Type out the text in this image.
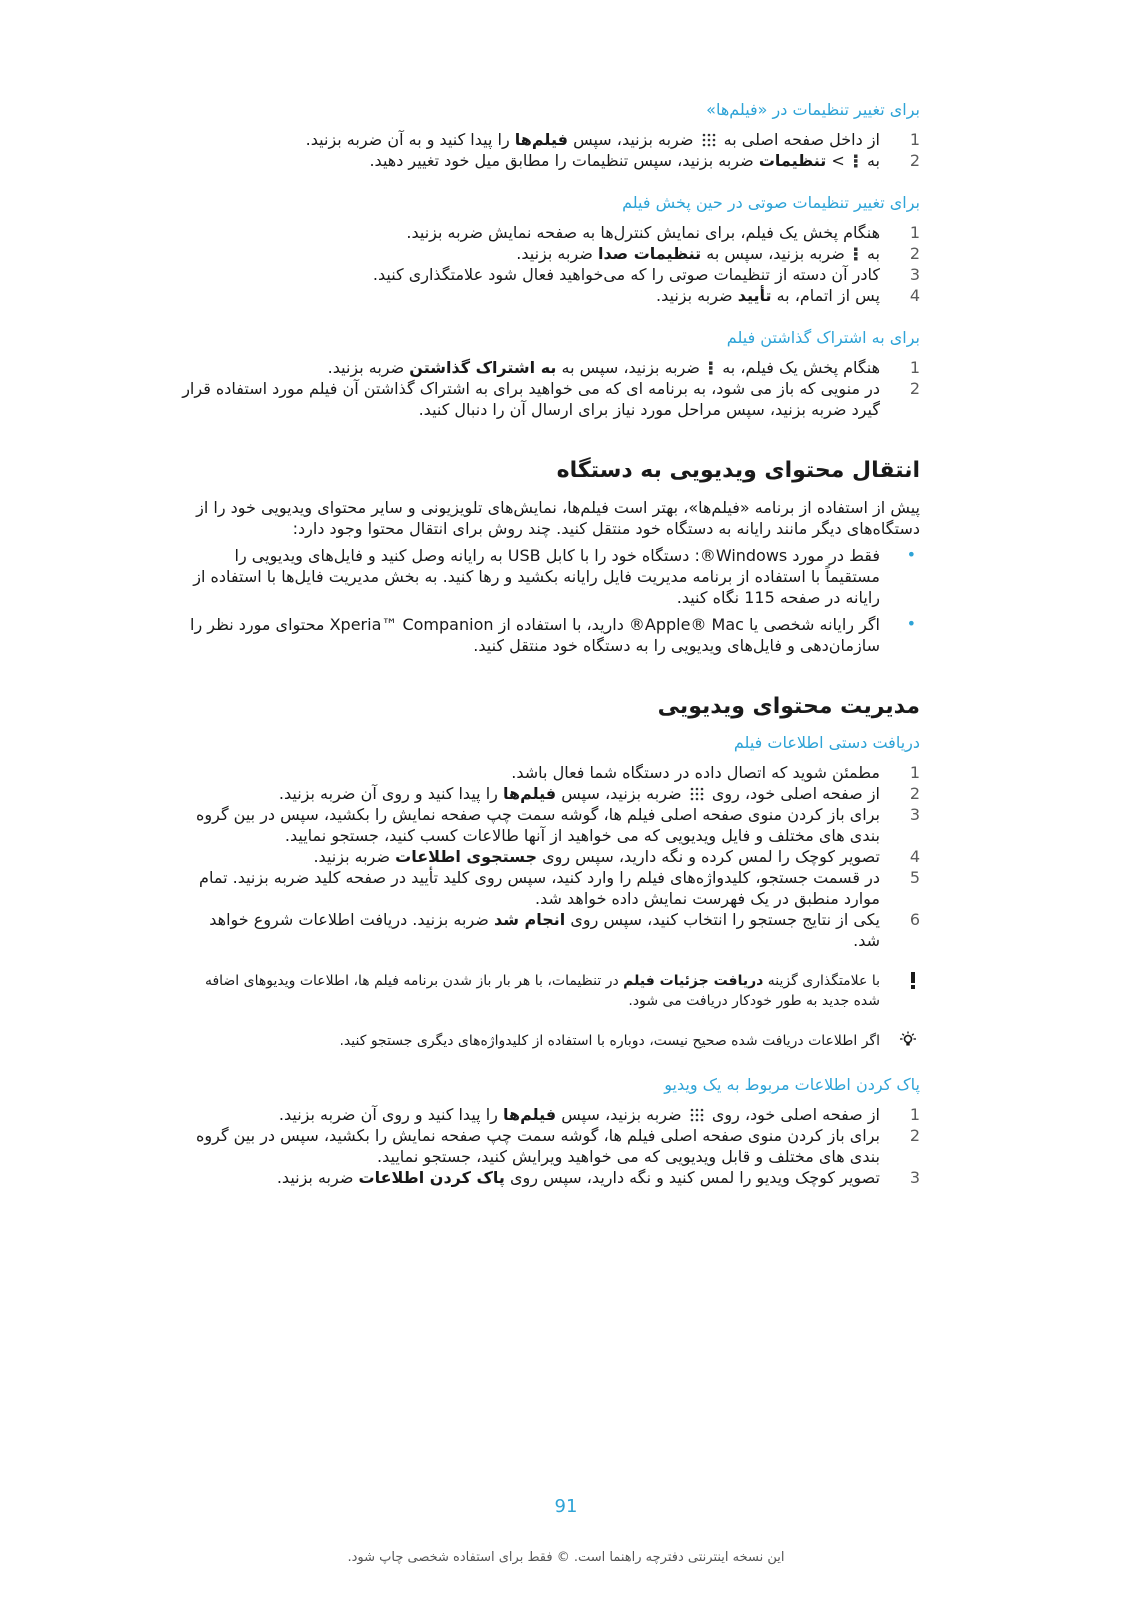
برای تغییر تنظیمات در «فیلم‌ها»
1
از داخل صفحه اصلی به  ضربه بزنید، سپس فیلم‌ها را پیدا کنید و به آن ضربه بزنید.
2
به  > تنظیمات ضربه بزنید، سپس تنظیمات را مطابق میل خود تغییر دهید.
برای تغییر تنظیمات صوتی در حین پخش فیلم
1
هنگام پخش یک فیلم، برای نمایش کنترل‌ها به صفحه نمایش ضربه بزنید.
2
به  ضربه بزنید، سپس به تنظیمات صدا ضربه بزنید.
3
کادر آن دسته از تنظیمات صوتی را که می‌خواهید فعال شود علامتگذاری کنید.
4
پس از اتمام، به تأیید ضربه بزنید.
برای به اشتراک گذاشتن فیلم
1
هنگام پخش یک فیلم، به  ضربه بزنید، سپس به به اشتراک گذاشتن ضربه بزنید.
2
در منویی که باز می شود، به برنامه ای که می خواهید برای به اشتراک گذاشتن آن فیلم مورد استفاده قرار گیرد ضربه بزنید، سپس مراحل مورد نیاز برای ارسال آن را دنبال کنید.
انتقال محتوای ویدیویی به دستگاه
پیش از استفاده از برنامه «فیلم‌ها»، بهتر است فیلم‌ها، نمایش‌های تلویزیونی و سایر محتوای ویدیویی خود را از دستگاه‌های دیگر مانند رایانه به دستگاه خود منتقل کنید. چند روش برای انتقال محتوا وجود دارد:
•
فقط در مورد Windows®: دستگاه خود را با کابل USB به رایانه وصل کنید و فایل‌های ویدیویی را مستقیماً با استفاده از برنامه مدیریت فایل رایانه بکشید و رها کنید. به بخش مدیریت فایل‌ها با استفاده از رایانه در صفحه 115 نگاه کنید.
•
اگر رایانه شخصی یا Apple® Mac® دارید، با استفاده از Xperia™ Companion محتوای مورد نظر را سازمان‌دهی و فایل‌های ویدیویی را به دستگاه خود منتقل کنید.
مدیریت محتوای ویدیویی
دریافت دستی اطلاعات فیلم
1
مطمئن شوید که اتصال داده در دستگاه شما فعال باشد.
2
از صفحه اصلی خود، روی  ضربه بزنید، سپس فیلم‌ها را پیدا کنید و روی آن ضربه بزنید.
3
برای باز کردن منوی صفحه اصلی فیلم ها، گوشه سمت چپ صفحه نمایش را بکشید، سپس در بین گروه بندی های مختلف و فایل ویدیویی که می خواهید از آنها طالاعات کسب کنید، جستجو نمایید.
4
تصویر کوچک را لمس کرده و نگه دارید، سپس روی جستجوی اطلاعات ضربه بزنید.
5
در قسمت جستجو، کلیدواژه‌های فیلم را وارد کنید، سپس روی کلید تأیید در صفحه کلید ضربه بزنید. تمام موارد منطبق در یک فهرست نمایش داده خواهد شد.
6
یکی از نتایج جستجو را انتخاب کنید، سپس روی انجام شد ضربه بزنید. دریافت اطلاعات شروع خواهد شد.
با علامتگذاری گزینه دریافت جزئیات فیلم در تنظیمات، با هر بار باز شدن برنامه فیلم ها، اطلاعات ویدیوهای اضافه شده جدید به طور خودکار دریافت می شود.
اگر اطلاعات دریافت شده صحیح نیست، دوباره با استفاده از کلیدواژه‌های دیگری جستجو کنید.
پاک کردن اطلاعات مربوط به یک ویدیو
1
از صفحه اصلی خود، روی  ضربه بزنید، سپس فیلم‌ها را پیدا کنید و روی آن ضربه بزنید.
2
برای باز کردن منوی صفحه اصلی فیلم ها، گوشه سمت چپ صفحه نمایش را بکشید، سپس در بین گروه بندی های مختلف و قابل ویدیویی که می خواهید ویرایش کنید، جستجو نمایید.
3
تصویر کوچک ویدیو را لمس کنید و نگه دارید، سپس روی پاک کردن اطلاعات ضربه بزنید.
91
این نسخه اینترنتی دفترچه راهنما است. © فقط برای استفاده شخصی چاپ شود.
